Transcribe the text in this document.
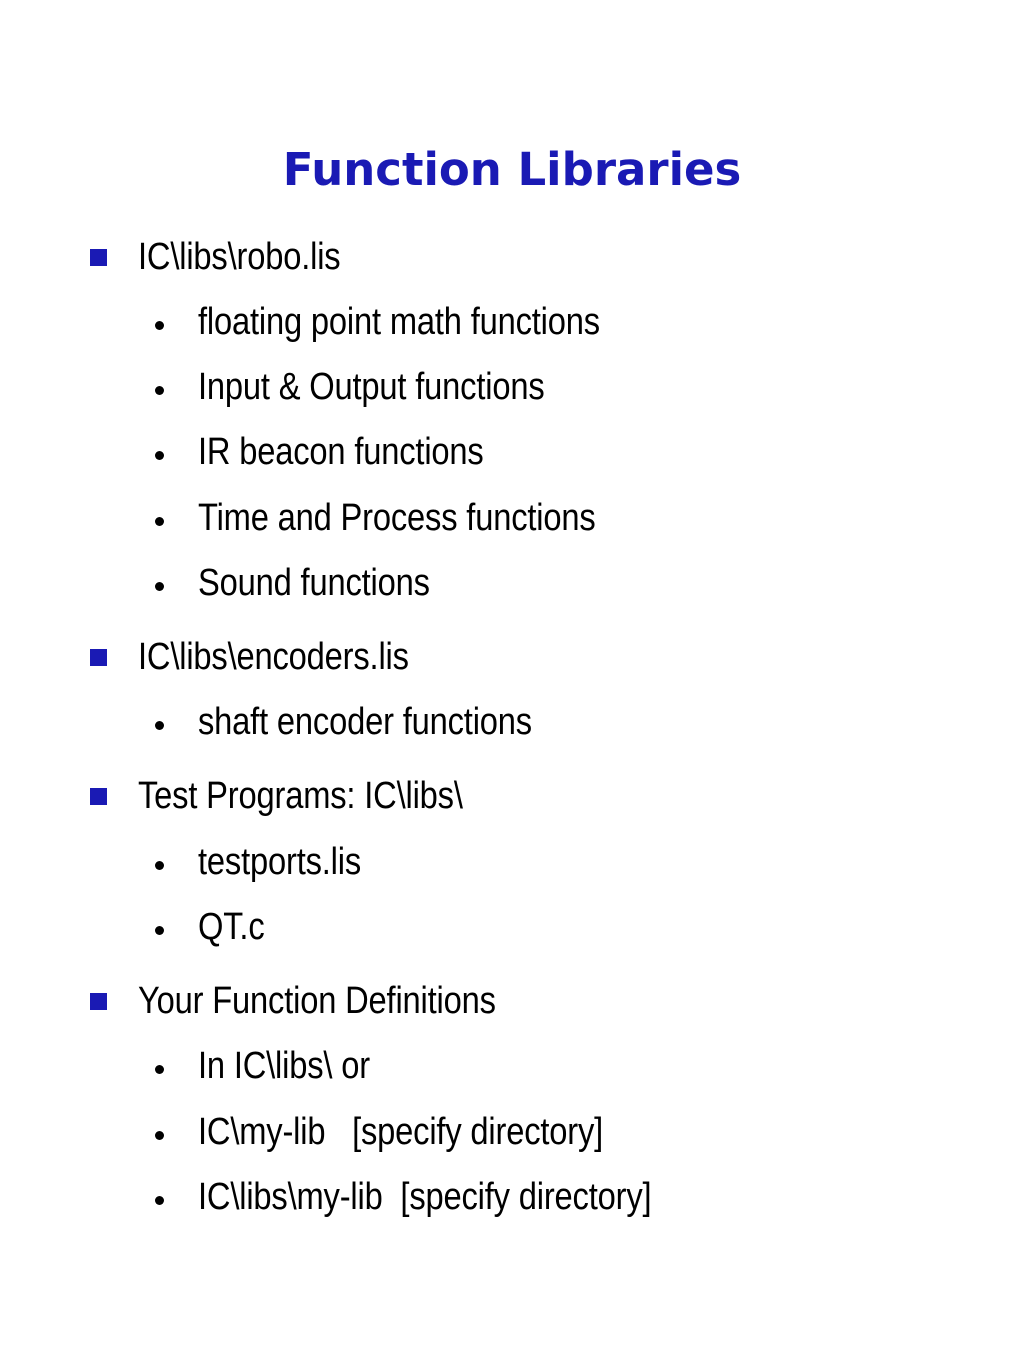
Function Libraries
IC\libs\robo.lis
floating point math functions
Input & Output functions
IR beacon functions
Time and Process functions
Sound functions
IC\libs\encoders.lis
shaft encoder functions
Test Programs: IC\libs\
testports.lis
QT.c
Your Function Definitions
In IC\libs\ or
IC\my-lib   [specify directory]
IC\libs\my-lib  [specify directory]
